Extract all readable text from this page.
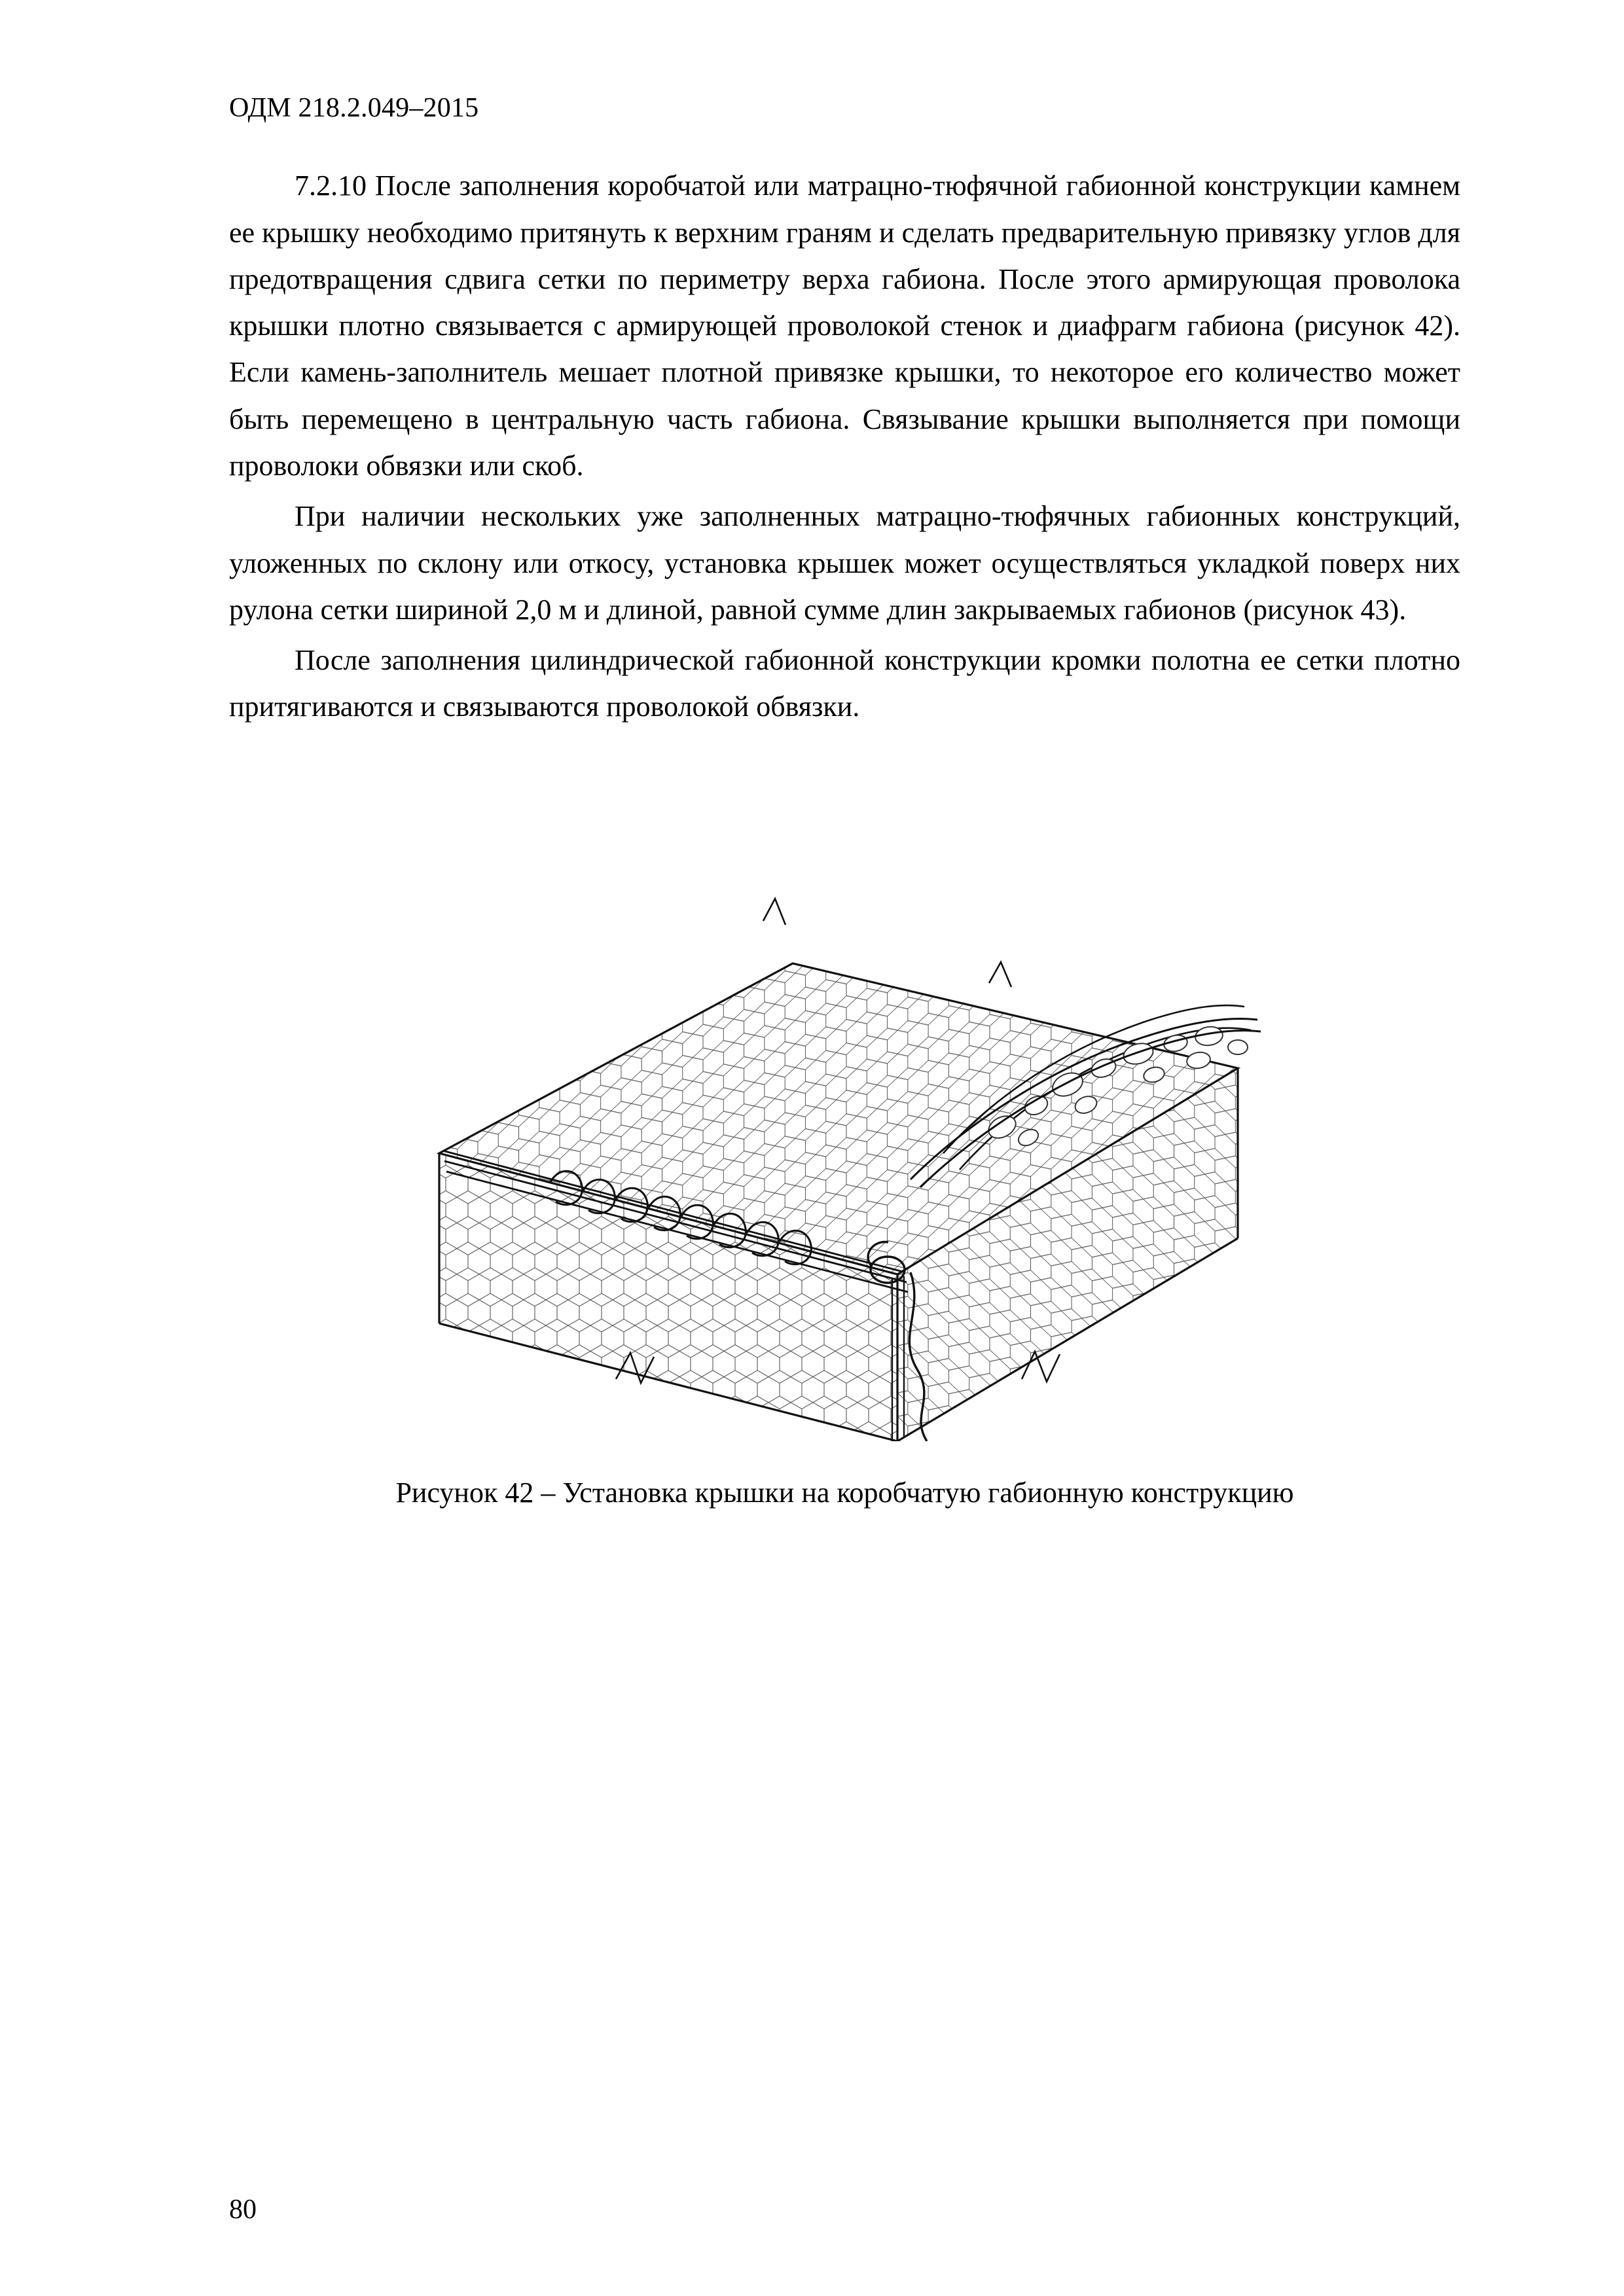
ОДМ 218.2.049–2015

7.2.10 После заполнения коробчатой или матрацно-тюфячной габионной конструкции камнем ее крышку необходимо притянуть к верхним граням и сделать предварительную привязку углов для предотвращения сдвига сетки по периметру верха габиона. После этого армирующая проволока крышки плотно связывается с армирующей проволокой стенок и диафрагм габиона (рисунок 42). Если камень-заполнитель мешает плотной привязке крышки, то некоторое его количество может быть перемещено в центральную часть габиона. Связывание крышки выполняется при помощи проволоки обвязки или скоб.

При наличии нескольких уже заполненных матрацно-тюфячных габионных конструкций, уложенных по склону или откосу, установка крышек может осуществляться укладкой поверх них рулона сетки шириной 2,0 м и длиной, равной сумме длин закрываемых габионов (рисунок 43).

После заполнения цилиндрической габионной конструкции кромки полотна ее сетки плотно притягиваются и связываются проволокой обвязки.

Рисунок 42 – Установка крышки на коробчатую габионную конструкцию
80
